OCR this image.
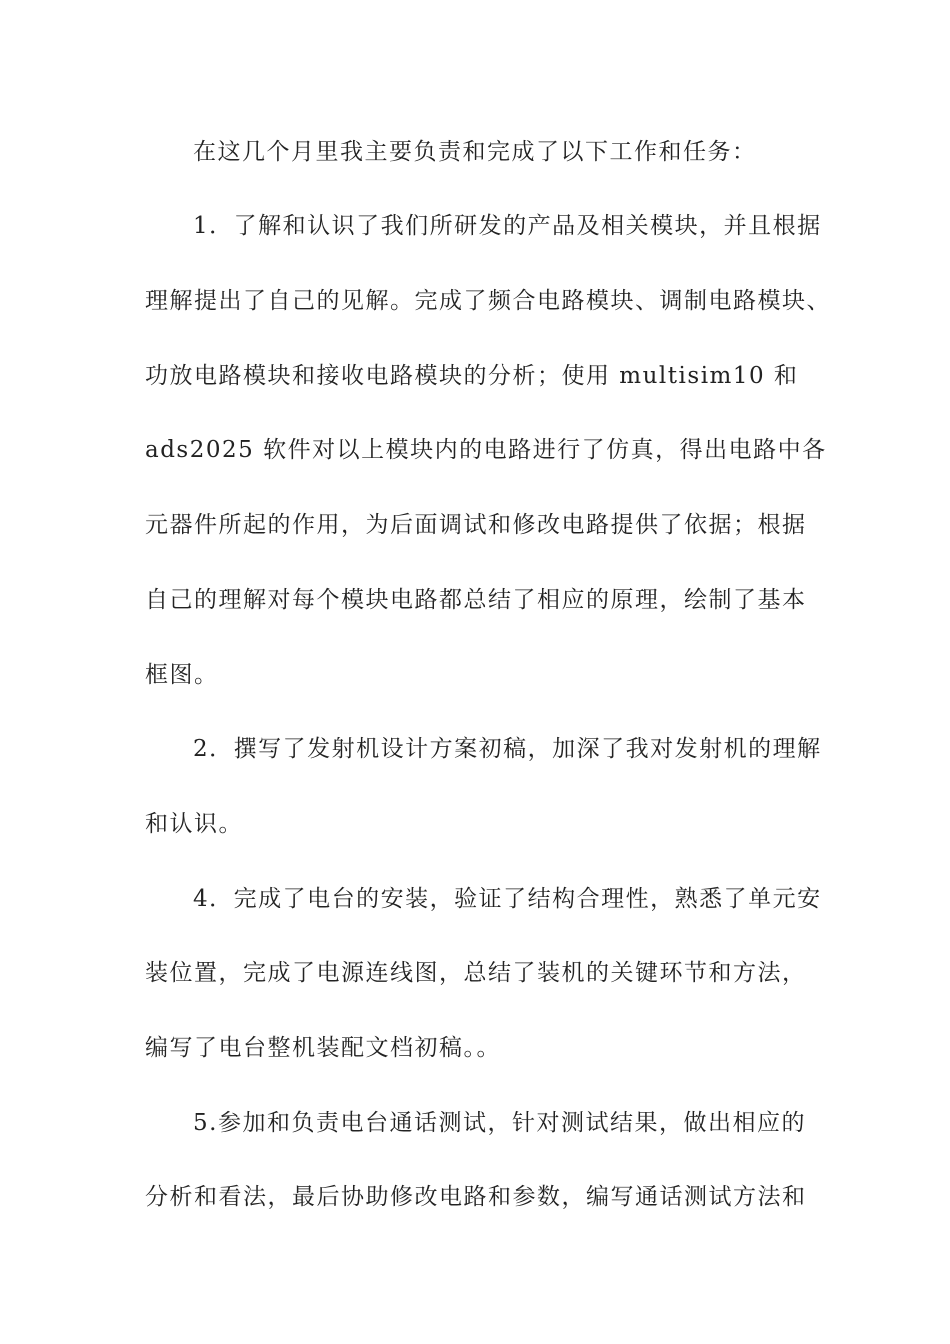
在这几个月里我主要负责和完成了以下工作和任务：
1．了解和认识了我们所研发的产品及相关模块，并且根据
理解提出了自己的见解。完成了频合电路模块、调制电路模块、
功放电路模块和接收电路模块的分析；使用 multisim10 和
ads2025 软件对以上模块内的电路进行了仿真，得出电路中各
元器件所起的作用，为后面调试和修改电路提供了依据；根据
自己的理解对每个模块电路都总结了相应的原理，绘制了基本
框图。
2．撰写了发射机设计方案初稿，加深了我对发射机的理解
和认识。
4．完成了电台的安装，验证了结构合理性，熟悉了单元安
装位置，完成了电源连线图，总结了装机的关键环节和方法，
编写了电台整机装配文档初稿。。
5.参加和负责电台通话测试，针对测试结果，做出相应的
分析和看法，最后协助修改电路和参数，编写通话测试方法和
